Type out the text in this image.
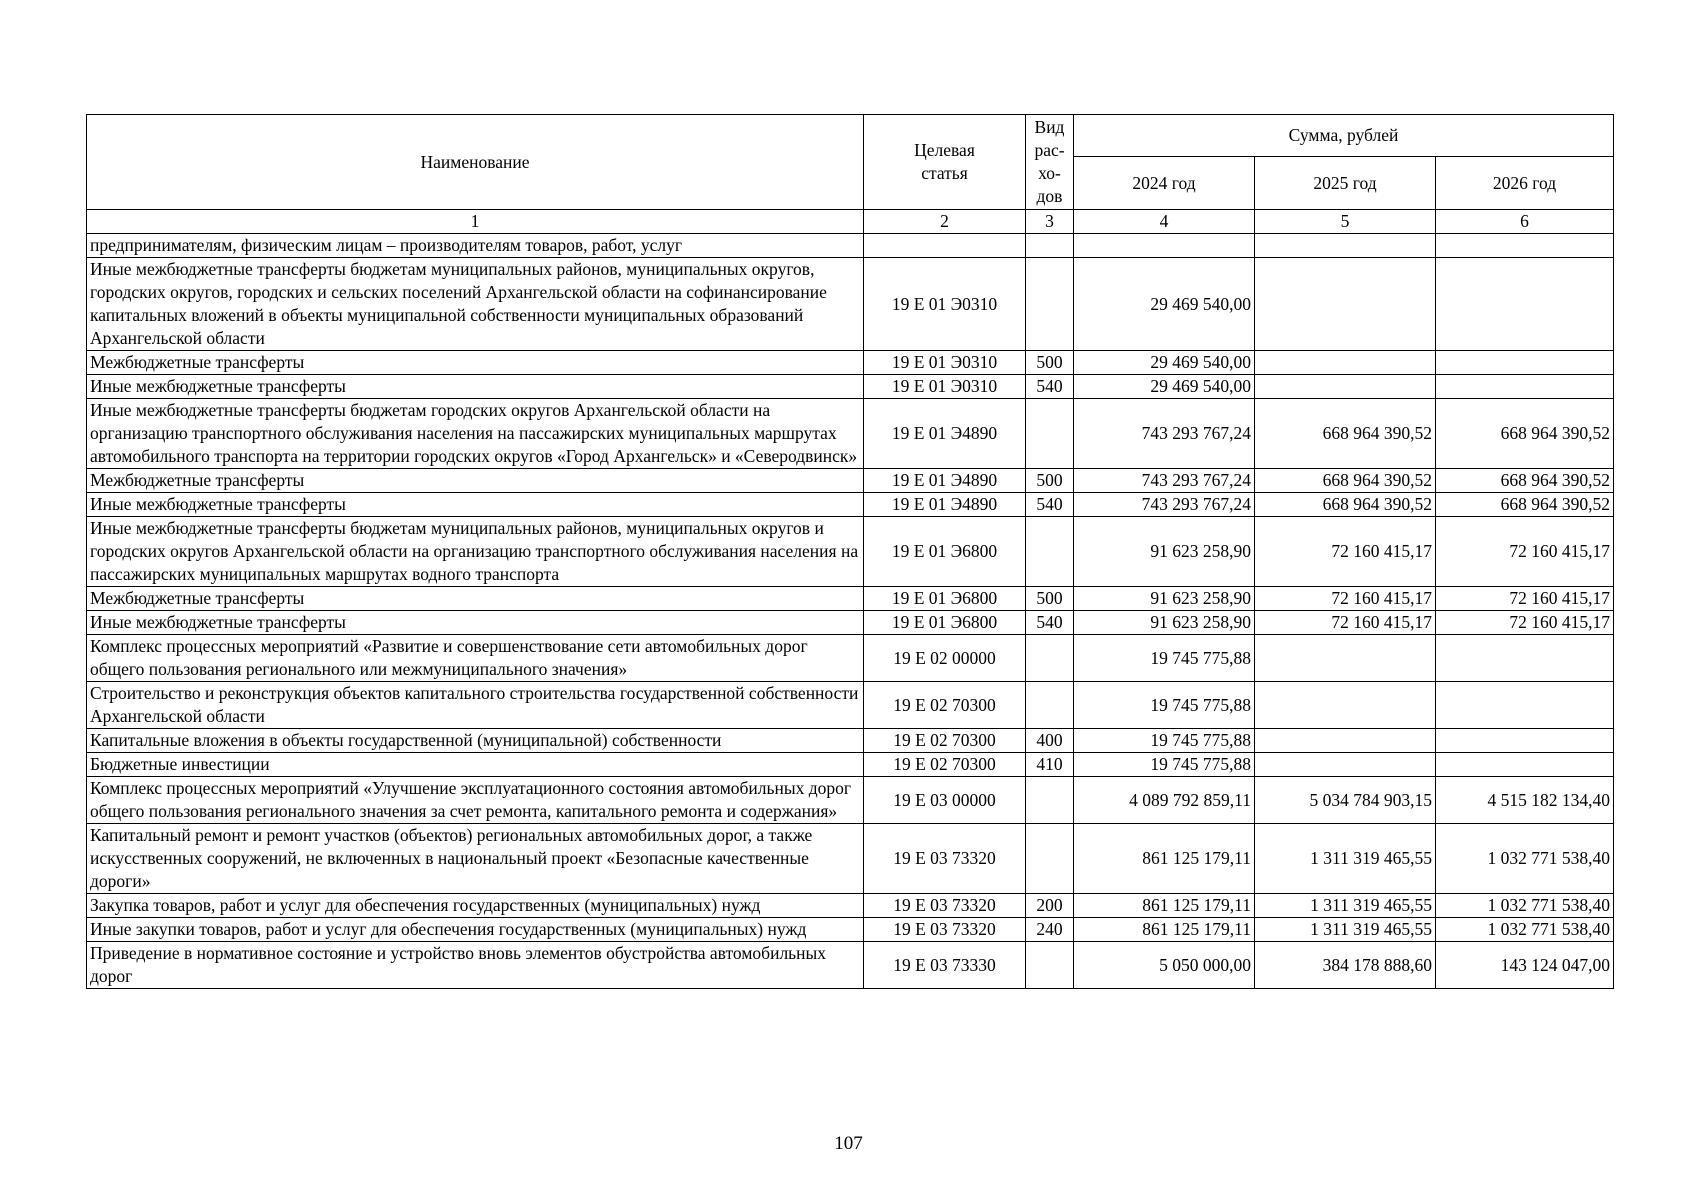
Наименование	Целевая статья	Вид рас-хо-дов	Сумма, рублей		
			2024 год	2025 год	2026 год
1	2	3	4	5	6
предпринимателям, физическим лицам – производителям товаров, работ, услуг					
Иные межбюджетные трансферты бюджетам муниципальных районов, муниципальных округов, городских округов, городских и сельских поселений Архангельской области на софинансирование капитальных вложений в объекты муниципальной собственности муниципальных образований Архангельской области	19 Е 01 Э0310		29 469 540,00		
Межбюджетные трансферты	19 Е 01 Э0310	500	29 469 540,00		
Иные межбюджетные трансферты	19 Е 01 Э0310	540	29 469 540,00		
Иные межбюджетные трансферты бюджетам городских округов Архангельской области на организацию транспортного обслуживания населения на пассажирских муниципальных маршрутах автомобильного транспорта на территории городских округов «Город Архангельск» и «Северодвинск»	19 Е 01 Э4890		743 293 767,24	668 964 390,52	668 964 390,52
Межбюджетные трансферты	19 Е 01 Э4890	500	743 293 767,24	668 964 390,52	668 964 390,52
Иные межбюджетные трансферты	19 Е 01 Э4890	540	743 293 767,24	668 964 390,52	668 964 390,52
Иные межбюджетные трансферты бюджетам муниципальных районов, муниципальных округов и городских округов Архангельской области на организацию транспортного обслуживания населения на пассажирских муниципальных маршрутах водного транспорта	19 Е 01 Э6800		91 623 258,90	72 160 415,17	72 160 415,17
Межбюджетные трансферты	19 Е 01 Э6800	500	91 623 258,90	72 160 415,17	72 160 415,17
Иные межбюджетные трансферты	19 Е 01 Э6800	540	91 623 258,90	72 160 415,17	72 160 415,17
Комплекс процессных мероприятий «Развитие и совершенствование сети автомобильных дорог общего пользования регионального или межмуниципального значения»	19 Е 02 00000		19 745 775,88		
Строительство и реконструкция объектов капитального строительства государственной собственности Архангельской области	19 Е 02 70300		19 745 775,88		
Капитальные вложения в объекты государственной (муниципальной) собственности	19 Е 02 70300	400	19 745 775,88		
Бюджетные инвестиции	19 Е 02 70300	410	19 745 775,88		
Комплекс процессных мероприятий «Улучшение эксплуатационного состояния автомобильных дорог общего пользования регионального значения за счет ремонта, капитального ремонта и содержания»	19 Е 03 00000		4 089 792 859,11	5 034 784 903,15	4 515 182 134,40
Капитальный ремонт и ремонт участков (объектов) региональных автомобильных дорог, а также искусственных сооружений, не включенных в национальный проект «Безопасные качественные дороги»	19 Е 03 73320		861 125 179,11	1 311 319 465,55	1 032 771 538,40
Закупка товаров, работ и услуг для обеспечения государственных (муниципальных) нужд	19 Е 03 73320	200	861 125 179,11	1 311 319 465,55	1 032 771 538,40
Иные закупки товаров, работ и услуг для обеспечения государственных (муниципальных) нужд	19 Е 03 73320	240	861 125 179,11	1 311 319 465,55	1 032 771 538,40
Приведение в нормативное состояние и устройство вновь элементов обустройства автомобильных дорог	19 Е 03 73330		5 050 000,00	384 178 888,60	143 124 047,00
107
